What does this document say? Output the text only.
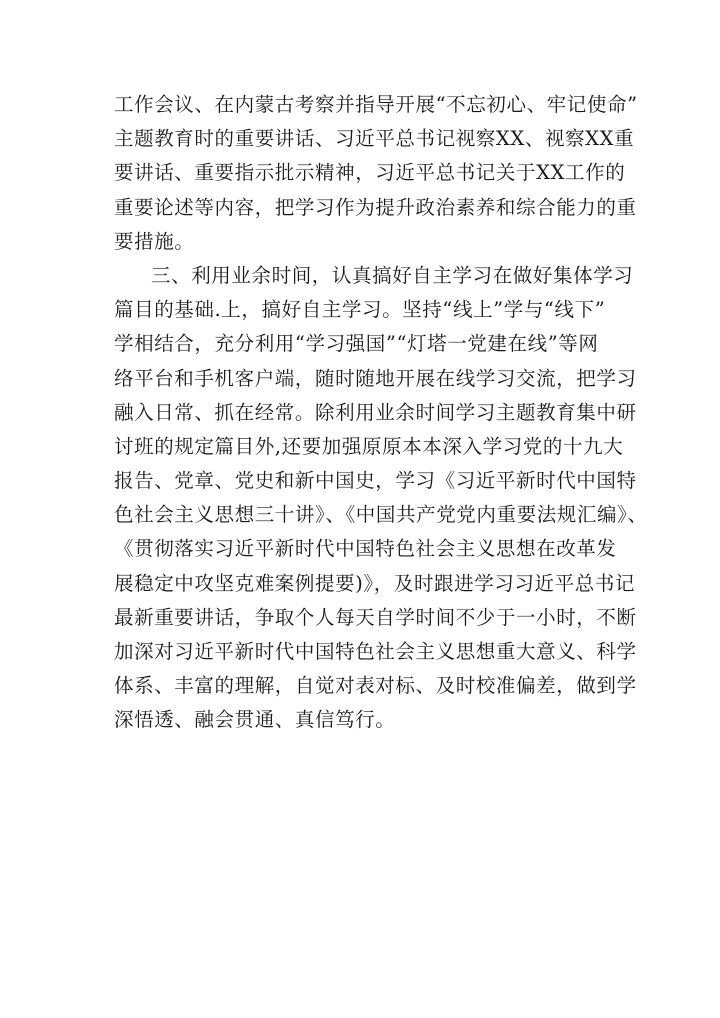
工作会议、在内蒙古考察并指导开展“不忘初心、牢记使命”
主题教育时的重要讲话、习近平总书记视察XX、视察XX重
要讲话、重要指示批示精神，习近平总书记关于XX工作的
重要论述等内容，把学习作为提升政治素养和综合能力的重
要措施。
三、利用业余时间，认真搞好自主学习在做好集体学习
篇目的基础.上，搞好自主学习。坚持“线上”学与“线下”
学相结合，充分利用“学习强国”“灯塔一党建在线”等网
络平台和手机客户端，随时随地开展在线学习交流，把学习
融入日常、抓在经常。除利用业余时间学习主题教育集中研
讨班的规定篇目外,还要加强原原本本深入学习党的十九大
报告、党章、党史和新中国史，学习《习近平新时代中国特
色社会主义思想三十讲》、《中国共产党党内重要法规汇编》、
《贯彻落实习近平新时代中国特色社会主义思想在改革发
展稳定中攻坚克难案例提要)》，及时跟进学习习近平总书记
最新重要讲话，争取个人每天自学时间不少于一小时，不断
加深对习近平新时代中国特色社会主义思想重大意义、科学
体系、丰富的理解，自觉对表对标、及时校准偏差，做到学
深悟透、融会贯通、真信笃行。
